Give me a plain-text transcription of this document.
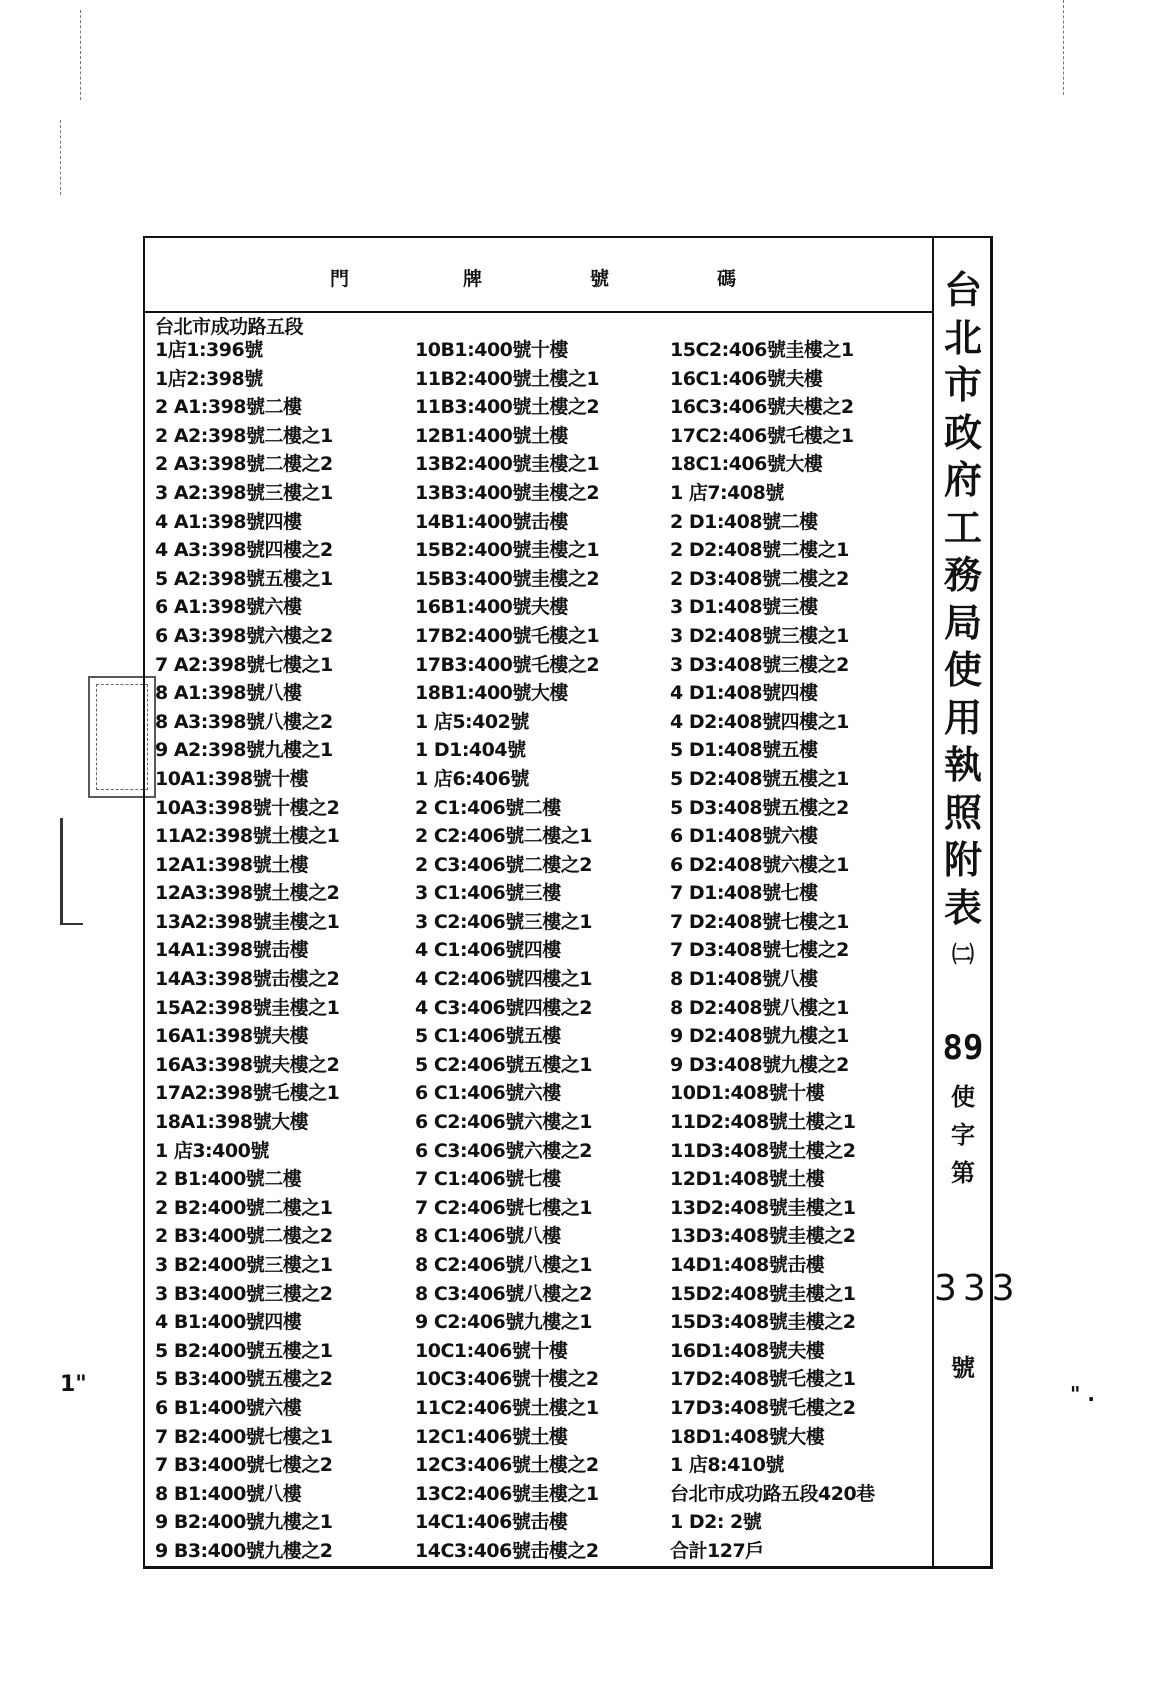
1"	" .
門	牌	號	碼
台北市成功路五段
1店1:396號
1店2:398號
2 A1:398號二樓
2 A2:398號二樓之1
2 A3:398號二樓之2
3 A2:398號三樓之1
4 A1:398號四樓
4 A3:398號四樓之2
5 A2:398號五樓之1
6 A1:398號六樓
6 A3:398號六樓之2
7 A2:398號七樓之1
8 A1:398號八樓
8 A3:398號八樓之2
9 A2:398號九樓之1
10A1:398號十樓
10A3:398號十樓之2
11A2:398號土樓之1
12A1:398號土樓
12A3:398號土樓之2
13A2:398號圭樓之1
14A1:398號击樓
14A3:398號击樓之2
15A2:398號圭樓之1
16A1:398號夫樓
16A3:398號夫樓之2
17A2:398號乇樓之1
18A1:398號大樓
1 店3:400號
2 B1:400號二樓
2 B2:400號二樓之1
2 B3:400號二樓之2
3 B2:400號三樓之1
3 B3:400號三樓之2
4 B1:400號四樓
5 B2:400號五樓之1
5 B3:400號五樓之2
6 B1:400號六樓
7 B2:400號七樓之1
7 B3:400號七樓之2
8 B1:400號八樓
9 B2:400號九樓之1
9 B3:400號九樓之2
10B1:400號十樓
11B2:400號土樓之1
11B3:400號土樓之2
12B1:400號土樓
13B2:400號圭樓之1
13B3:400號圭樓之2
14B1:400號击樓
15B2:400號圭樓之1
15B3:400號圭樓之2
16B1:400號夫樓
17B2:400號乇樓之1
17B3:400號乇樓之2
18B1:400號大樓
1 店5:402號
1 D1:404號
1 店6:406號
2 C1:406號二樓
2 C2:406號二樓之1
2 C3:406號二樓之2
3 C1:406號三樓
3 C2:406號三樓之1
4 C1:406號四樓
4 C2:406號四樓之1
4 C3:406號四樓之2
5 C1:406號五樓
5 C2:406號五樓之1
6 C1:406號六樓
6 C2:406號六樓之1
6 C3:406號六樓之2
7 C1:406號七樓
7 C2:406號七樓之1
8 C1:406號八樓
8 C2:406號八樓之1
8 C3:406號八樓之2
9 C2:406號九樓之1
10C1:406號十樓
10C3:406號十樓之2
11C2:406號土樓之1
12C1:406號土樓
12C3:406號土樓之2
13C2:406號圭樓之1
14C1:406號击樓
14C3:406號击樓之2
15C2:406號圭樓之1
16C1:406號夫樓
16C3:406號夫樓之2
17C2:406號乇樓之1
18C1:406號大樓
1 店7:408號
2 D1:408號二樓
2 D2:408號二樓之1
2 D3:408號二樓之2
3 D1:408號三樓
3 D2:408號三樓之1
3 D3:408號三樓之2
4 D1:408號四樓
4 D2:408號四樓之1
5 D1:408號五樓
5 D2:408號五樓之1
5 D3:408號五樓之2
6 D1:408號六樓
6 D2:408號六樓之1
7 D1:408號七樓
7 D2:408號七樓之1
7 D3:408號七樓之2
8 D1:408號八樓
8 D2:408號八樓之1
9 D2:408號九樓之1
9 D3:408號九樓之2
10D1:408號十樓
11D2:408號土樓之1
11D3:408號土樓之2
12D1:408號土樓
13D2:408號圭樓之1
13D3:408號圭樓之2
14D1:408號击樓
15D2:408號圭樓之1
15D3:408號圭樓之2
16D1:408號夫樓
17D2:408號乇樓之1
17D3:408號乇樓之2
18D1:408號大樓
1 店8:410號
台北市成功路五段420巷
1 D2: 2號
合計127戶
台
北
市
政
府
工
務
局
使
用
執
照
附
表
㈡
89
使
字
第
333
號
